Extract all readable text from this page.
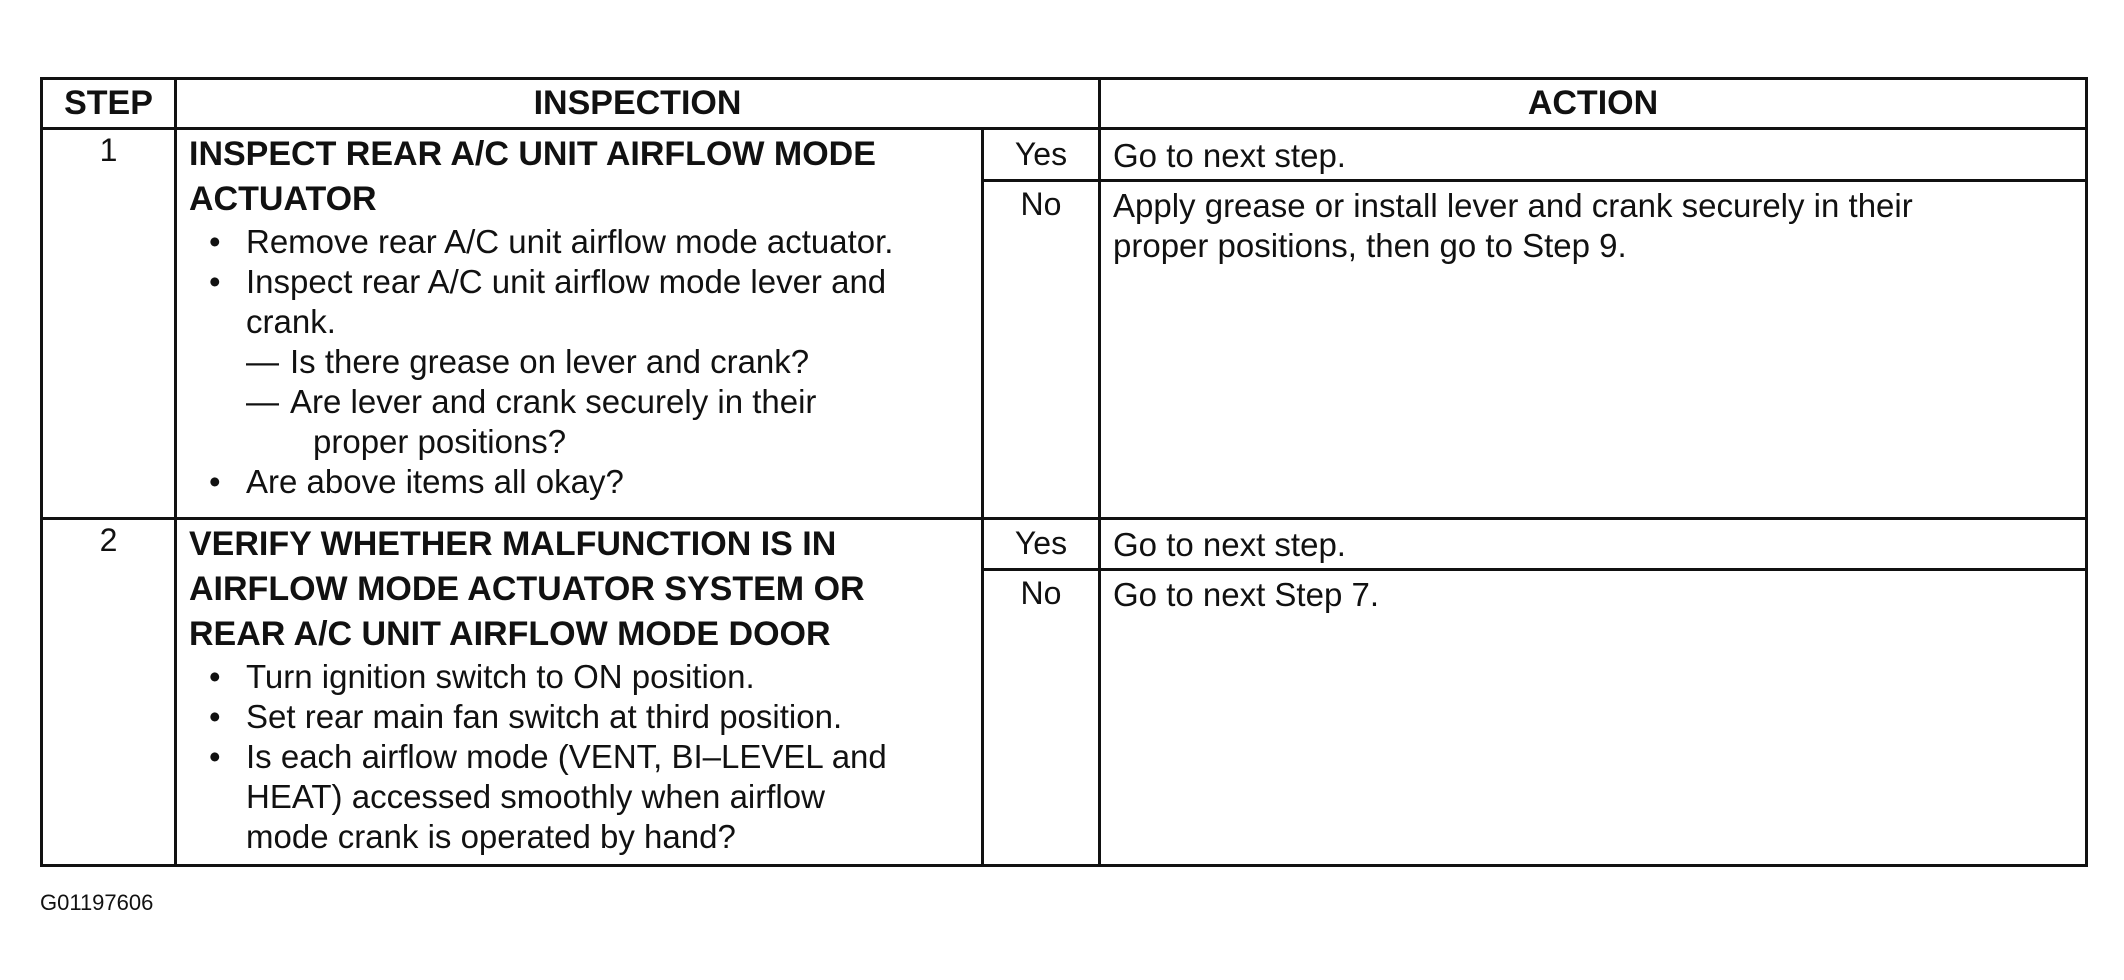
STEP	INSPECTION	ACTION
1	INSPECT REAR A/C UNIT AIRFLOW MODE
ACTUATOR
• Remove rear A/C unit airflow mode actuator.
• Inspect rear A/C unit airflow mode lever and
crank.
— Is there grease on lever and crank?
— Are lever and crank securely in their
proper positions?
• Are above items all okay?
Yes	Go to next step.
No	Apply grease or install lever and crank securely in their
proper positions, then go to Step 9.
2	VERIFY WHETHER MALFUNCTION IS IN
AIRFLOW MODE ACTUATOR SYSTEM OR
REAR A/C UNIT AIRFLOW MODE DOOR
• Turn ignition switch to ON position.
• Set rear main fan switch at third position.
• Is each airflow mode (VENT, BI–LEVEL and
HEAT) accessed smoothly when airflow
mode crank is operated by hand?
Yes	Go to next step.
No	Go to next Step 7.
G01197606
